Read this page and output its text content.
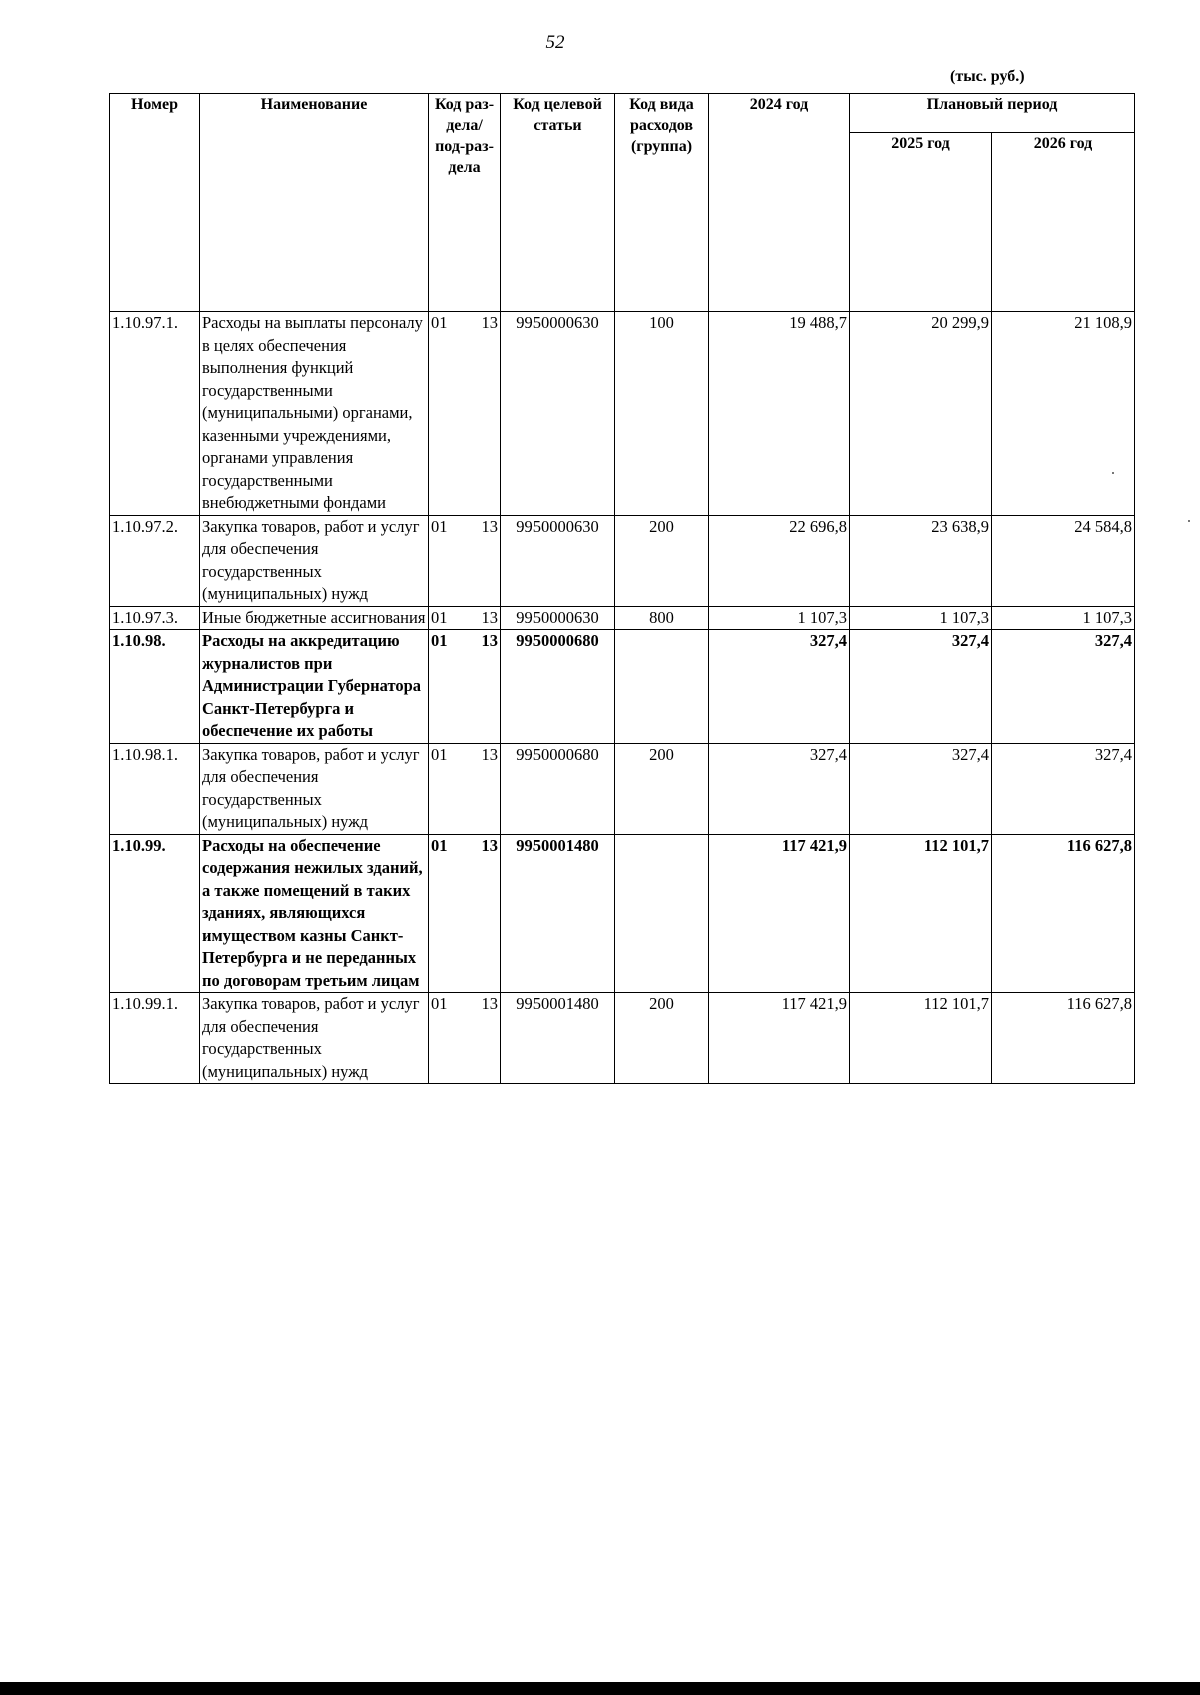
52
(тыс. руб.)
Номер	Наименование	Код раз-дела/ под-раз-дела	Код целевой статьи	Код вида расходов (группа)	2024 год	Плановый период	
						2025 год	2026 год
1.10.97.1.	Расходы на выплаты персоналу в целях обеспечения выполнения функций государственными (муниципальными) органами, казенными учреждениями, органами управления государственными внебюджетными фондами	01 13	9950000630	100	19 488,7	20 299,9	21 108,9
1.10.97.2.	Закупка товаров, работ и услуг для обеспечения государственных (муниципальных) нужд	01 13	9950000630	200	22 696,8	23 638,9	24 584,8
1.10.97.3.	Иные бюджетные ассигнования	01 13	9950000630	800	1 107,3	1 107,3	1 107,3
1.10.98.	Расходы на аккредитацию журналистов при Администрации Губернатора Санкт-Петербурга и обеспечение их работы	01 13	9950000680		327,4	327,4	327,4
1.10.98.1.	Закупка товаров, работ и услуг для обеспечения государственных (муниципальных) нужд	01 13	9950000680	200	327,4	327,4	327,4
1.10.99.	Расходы на обеспечение содержания нежилых зданий, а также помещений в таких зданиях, являющихся имуществом казны Санкт-Петербурга и не переданных по договорам третьим лицам	01 13	9950001480		117 421,9	112 101,7	116 627,8
1.10.99.1.	Закупка товаров, работ и услуг для обеспечения государственных (муниципальных) нужд	01 13	9950001480	200	117 421,9	112 101,7	116 627,8
